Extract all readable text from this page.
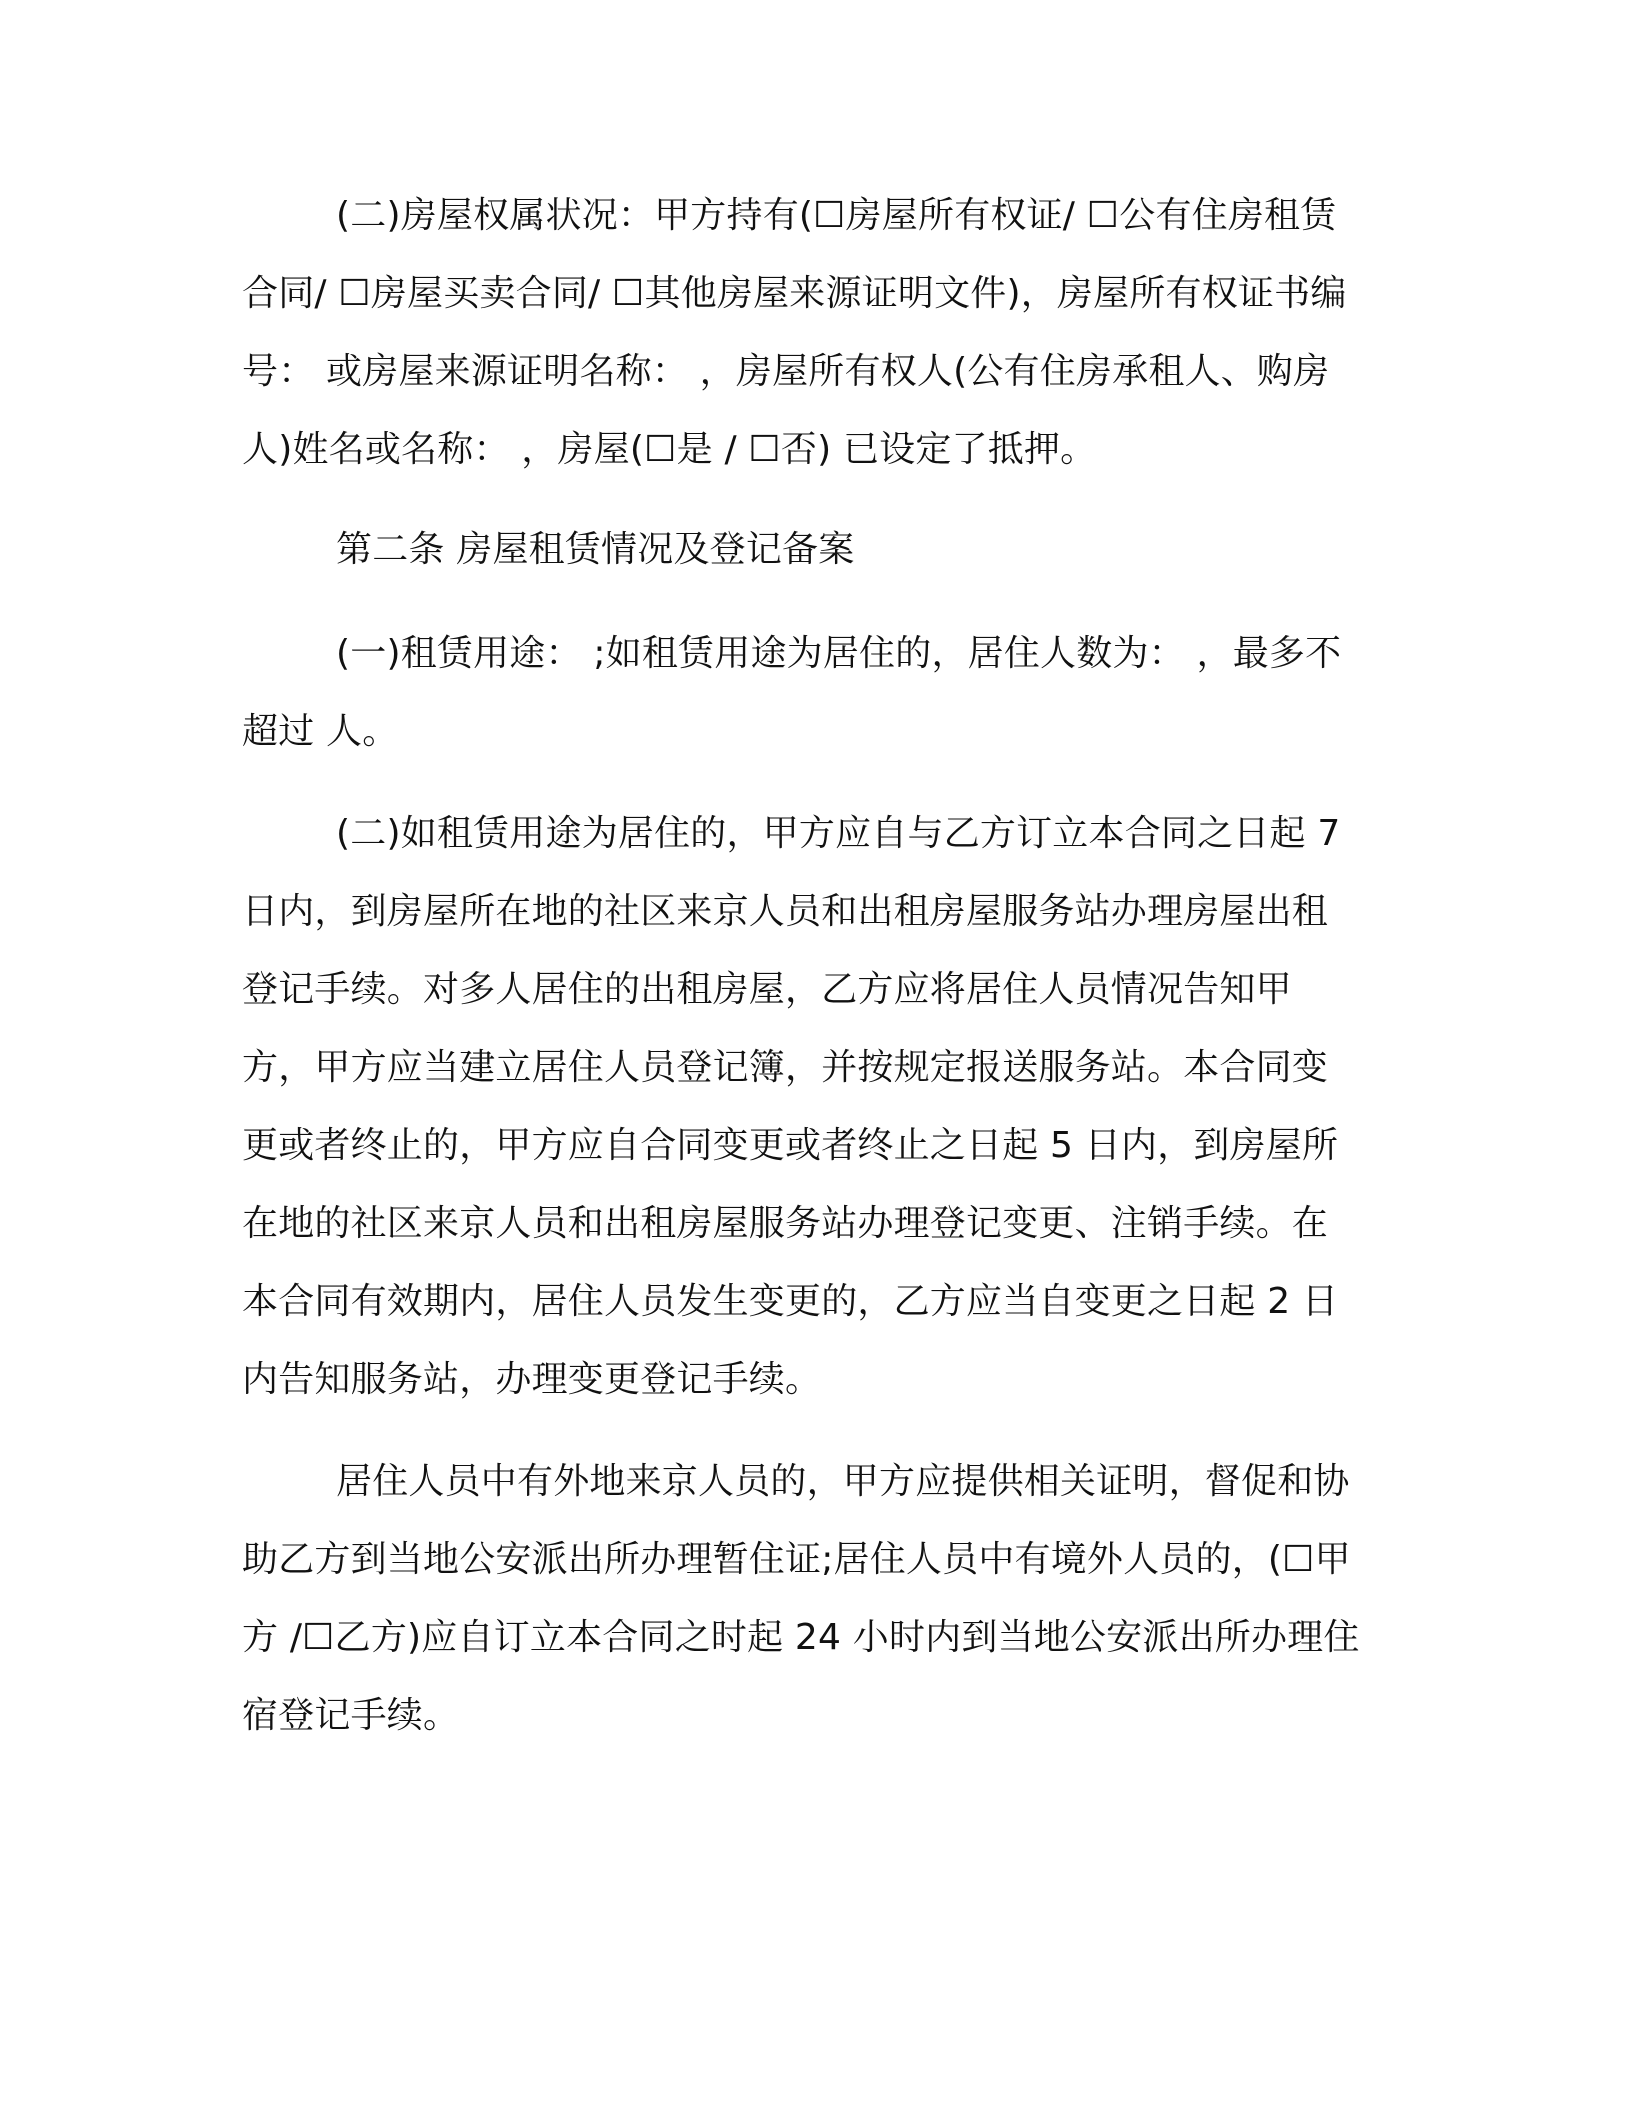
(二)房屋权属状况：甲方持有(☐房屋所有权证/ ☐公有住房租赁

合同/ ☐房屋买卖合同/ ☐其他房屋来源证明文件)，房屋所有权证书编

号： 或房屋来源证明名称： ，房屋所有权人(公有住房承租人、购房

人)姓名或名称： ，房屋(☐是 / ☐否) 已设定了抵押。

第二条 房屋租赁情况及登记备案

(一)租赁用途： ;如租赁用途为居住的，居住人数为： ，最多不

超过 人。

(二)如租赁用途为居住的，甲方应自与乙方订立本合同之日起 7

日内，到房屋所在地的社区来京人员和出租房屋服务站办理房屋出租

登记手续。对多人居住的出租房屋，乙方应将居住人员情况告知甲

方，甲方应当建立居住人员登记簿，并按规定报送服务站。本合同变

更或者终止的，甲方应自合同变更或者终止之日起 5 日内，到房屋所

在地的社区来京人员和出租房屋服务站办理登记变更、注销手续。在

本合同有效期内，居住人员发生变更的，乙方应当自变更之日起 2 日

内告知服务站，办理变更登记手续。

居住人员中有外地来京人员的，甲方应提供相关证明，督促和协

助乙方到当地公安派出所办理暂住证;居住人员中有境外人员的，(☐甲

方 /☐乙方)应自订立本合同之时起 24 小时内到当地公安派出所办理住

宿登记手续。
